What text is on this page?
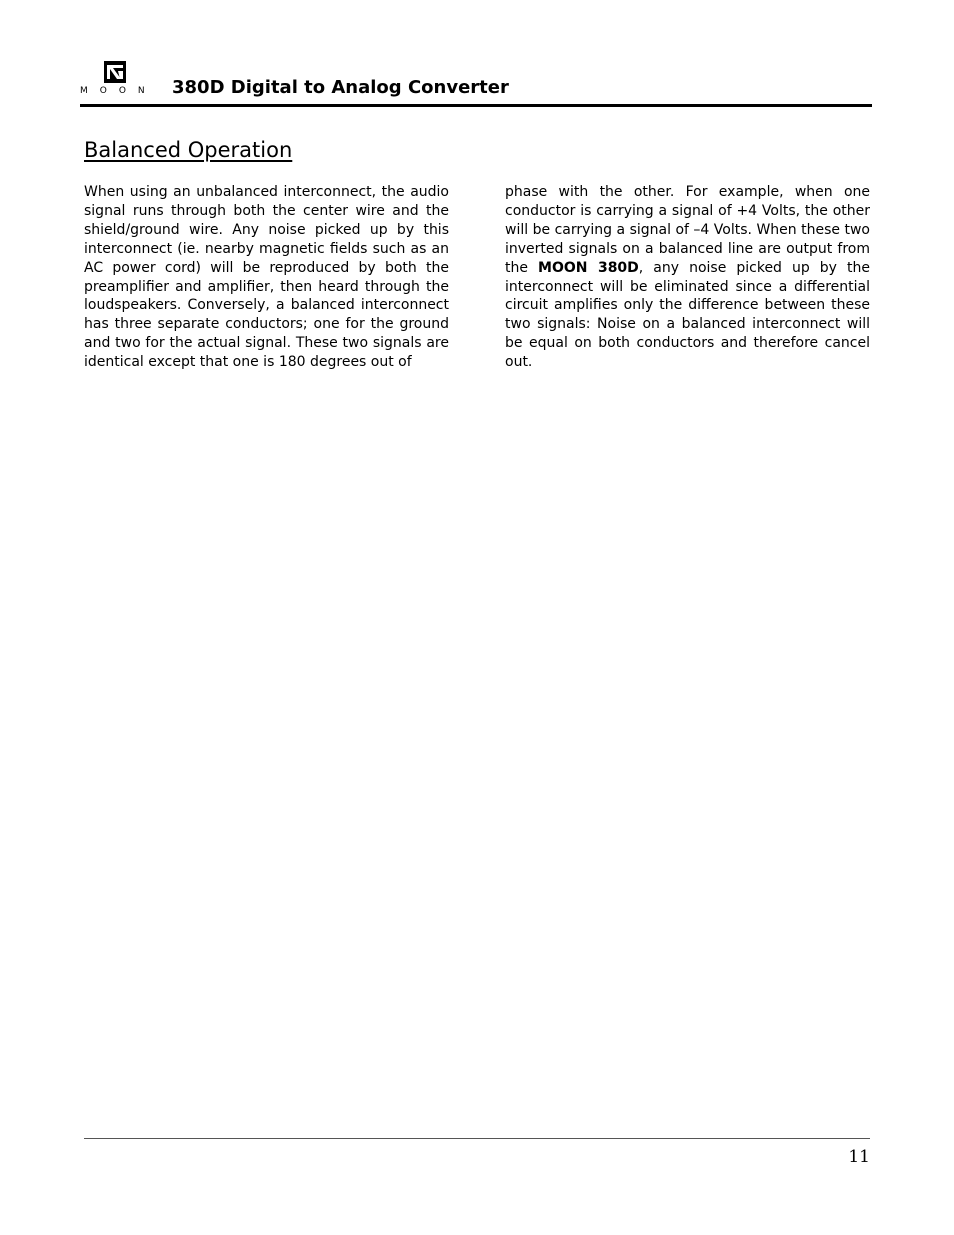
MOON 380D Digital to Analog Converter
Balanced Operation
When using an unbalanced interconnect, the audio signal runs through both the center wire and the shield/ground wire. Any noise picked up by this interconnect (ie. nearby magnetic fields such as an AC power cord) will be reproduced by both the preamplifier and amplifier, then heard through the loudspeakers. Conversely, a balanced interconnect has three separate conductors; one for the ground and two for the actual signal. These two signals are identical except that one is 180 degrees out of
phase with the other. For example, when one conductor is carrying a signal of +4 Volts, the other will be carrying a signal of –4 Volts. When these two inverted signals on a balanced line are output from the MOON 380D, any noise picked up by the interconnect will be eliminated since a differential circuit amplifies only the difference between these two signals: Noise on a balanced interconnect will be equal on both conductors and therefore cancel out.
11
